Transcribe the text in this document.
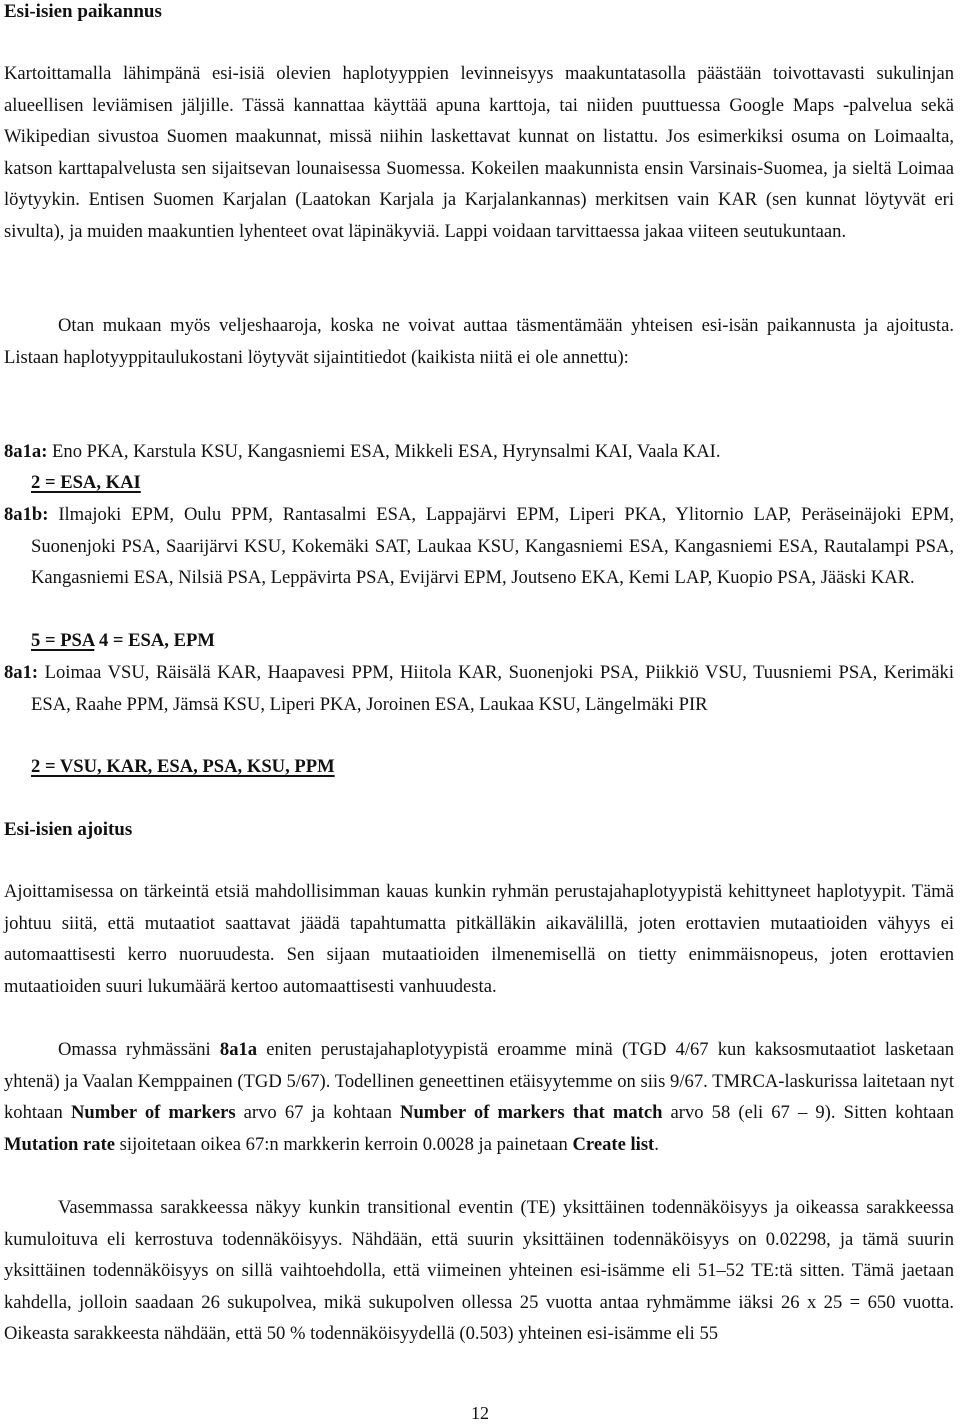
Esi-isien paikannus

Kartoittamalla lähimpänä esi-isiä olevien haplotyyppien levinneisyys maakuntatasolla päästään toivottavasti sukulinjan alueellisen leviämisen jäljille. Tässä kannattaa käyttää apuna karttoja, tai niiden puuttuessa Google Maps -palvelua sekä Wikipedian sivustoa Suomen maakunnat, missä niihin laskettavat kunnat on listattu. Jos esimerkiksi osuma on Loimaalta, katson karttapalvelusta sen sijaitsevan lounaisessa Suomessa. Kokeilen maakunnista ensin Varsinais-Suomea, ja sieltä Loimaa löytyykin. Entisen Suomen Karjalan (Laatokan Karjala ja Karjalankannas) merkitsen vain KAR (sen kunnat löytyvät eri sivulta), ja muiden maakuntien lyhenteet ovat läpinäkyviä. Lappi voidaan tarvittaessa jakaa viiteen seutukuntaan.

Otan mukaan myös veljeshaaroja, koska ne voivat auttaa täsmentämään yhteisen esi-isän paikannusta ja ajoitusta. Listaan haplotyyppitaulukostani löytyvät sijaintitiedot (kaikista niitä ei ole annettu):

8a1a: Eno PKA, Karstula KSU, Kangasniemi ESA, Mikkeli ESA, Hyrynsalmi KAI, Vaala KAI.

2 = ESA, KAI

8a1b: Ilmajoki EPM, Oulu PPM, Rantasalmi ESA, Lappajärvi EPM, Liperi PKA, Ylitornio LAP, Peräseinäjoki EPM, Suonenjoki PSA, Saarijärvi KSU, Kokemäki SAT, Laukaa KSU, Kangasniemi ESA, Kangasniemi ESA, Rautalampi PSA, Kangasniemi ESA, Nilsiä PSA, Leppävirta PSA, Evijärvi EPM, Joutseno EKA, Kemi LAP, Kuopio PSA, Jääski KAR.

5 = PSA 4 = ESA, EPM

8a1: Loimaa VSU, Räisälä KAR, Haapavesi PPM, Hiitola KAR, Suonenjoki PSA, Piikkiö VSU, Tuusniemi PSA, Kerimäki ESA, Raahe PPM, Jämsä KSU, Liperi PKA, Joroinen ESA, Laukaa KSU, Längelmäki PIR

2 = VSU, KAR, ESA, PSA, KSU, PPM

Esi-isien ajoitus

Ajoittamisessa on tärkeintä etsiä mahdollisimman kauas kunkin ryhmän perustajahaplotyypistä kehittyneet haplotyypit. Tämä johtuu siitä, että mutaatiot saattavat jäädä tapahtumatta pitkälläkin aikavälillä, joten erottavien mutaatioiden vähyys ei automaattisesti kerro nuoruudesta. Sen sijaan mutaatioiden ilmenemisellä on tietty enimmäisnopeus, joten erottavien mutaatioiden suuri lukumäärä kertoo automaattisesti vanhuudesta.

Omassa ryhmässäni 8a1a eniten perustajahaplotyypistä eroamme minä (TGD 4/67 kun kaksosmutaatiot lasketaan yhtenä) ja Vaalan Kemppainen (TGD 5/67). Todellinen geneettinen etäisyytemme on siis 9/67. TMRCA-laskurissa laitetaan nyt kohtaan Number of markers arvo 67 ja kohtaan Number of markers that match arvo 58 (eli 67 – 9). Sitten kohtaan Mutation rate sijoitetaan oikea 67:n markkerin kerroin 0.0028 ja painetaan Create list.

Vasemmassa sarakkeessa näkyy kunkin transitional eventin (TE) yksittäinen todennäköisyys ja oikeassa sarakkeessa kumuloituva eli kerrostuva todennäköisyys. Nähdään, että suurin yksittäinen todennäköisyys on 0.02298, ja tämä suurin yksittäinen todennäköisyys on sillä vaihtoehdolla, että viimeinen yhteinen esi-isämme eli 51–52 TE:tä sitten. Tämä jaetaan kahdella, jolloin saadaan 26 sukupolvea, mikä sukupolven ollessa 25 vuotta antaa ryhmämme iäksi 26 x 25 = 650 vuotta. Oikeasta sarakkeesta nähdään, että 50 % todennäköisyydellä (0.503) yhteinen esi-isämme eli 55

12
